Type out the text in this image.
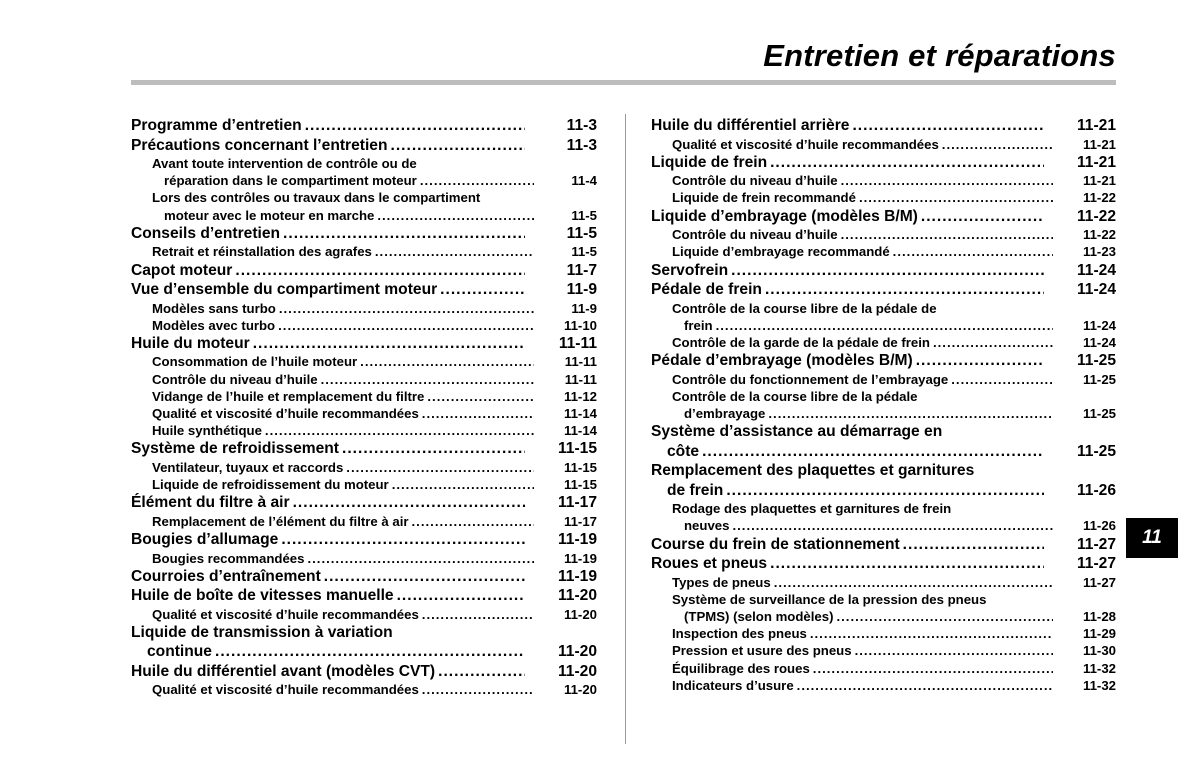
Entretien et réparations
Programme d’entretien .....	11-3
Précautions concernant l’entretien .....	11-3
Avant toute intervention de contrôle ou de
réparation dans le compartiment moteur .....	11-4
Lors des contrôles ou travaux dans le compartiment
moteur avec le moteur en marche .....	11-5
Conseils d’entretien .....	11-5
Retrait et réinstallation des agrafes .....	11-5
Capot moteur .....	11-7
Vue d’ensemble du compartiment moteur .....	11-9
Modèles sans turbo .....	11-9
Modèles avec turbo .....	11-10
Huile du moteur .....	11-11
Consommation de l’huile moteur .....	11-11
Contrôle du niveau d’huile .....	11-11
Vidange de l’huile et remplacement du filtre .....	11-12
Qualité et viscosité d’huile recommandées .....	11-14
Huile synthétique .....	11-14
Système de refroidissement .....	11-15
Ventilateur, tuyaux et raccords .....	11-15
Liquide de refroidissement du moteur .....	11-15
Élément du filtre à air .....	11-17
Remplacement de l’élément du filtre à air .....	11-17
Bougies d’allumage .....	11-19
Bougies recommandées .....	11-19
Courroies d’entraînement .....	11-19
Huile de boîte de vitesses manuelle .....	11-20
Qualité et viscosité d’huile recommandées .....	11-20
Liquide de transmission à variation
continue .....	11-20
Huile du différentiel avant (modèles CVT) .....	11-20
Qualité et viscosité d’huile recommandées .....	11-20
Huile du différentiel arrière .....	11-21
Qualité et viscosité d’huile recommandées .....	11-21
Liquide de frein .....	11-21
Contrôle du niveau d’huile .....	11-21
Liquide de frein recommandé .....	11-22
Liquide d’embrayage (modèles B/M) .....	11-22
Contrôle du niveau d’huile .....	11-22
Liquide d’embrayage recommandé .....	11-23
Servofrein .....	11-24
Pédale de frein .....	11-24
Contrôle de la course libre de la pédale de
frein .....	11-24
Contrôle de la garde de la pédale de frein .....	11-24
Pédale d’embrayage (modèles B/M) .....	11-25
Contrôle du fonctionnement de l’embrayage .....	11-25
Contrôle de la course libre de la pédale
d’embrayage .....	11-25
Système d’assistance au démarrage en
côte .....	11-25
Remplacement des plaquettes et garnitures
de frein .....	11-26
Rodage des plaquettes et garnitures de frein
neuves .....	11-26
Course du frein de stationnement .....	11-27
Roues et pneus .....	11-27
Types de pneus .....	11-27
Système de surveillance de la pression des pneus
(TPMS) (selon modèles) .....	11-28
Inspection des pneus .....	11-29
Pression et usure des pneus .....	11-30
Équilibrage des roues .....	11-32
Indicateurs d’usure .....	11-32
11
